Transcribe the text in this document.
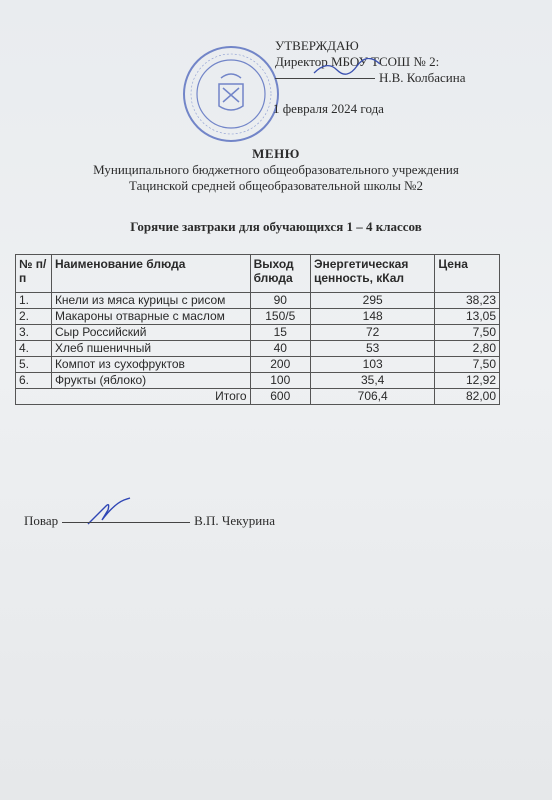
УТВЕРЖДАЮ
Директор МБОУ ТСОШ № 2:
Н.В. Колбасина
1 февраля 2024 года
МЕНЮ
Муниципального бюджетного общеобразовательного учреждения
Тацинской средней общеобразовательной школы №2
Горячие завтраки для обучающихся 1 – 4 классов
№ п/п	Наименование блюда	Выход блюда	Энергетическая ценность, кКал	Цена
1.	Кнели из мяса курицы с рисом	90	295	38,23
2.	Макароны отварные с маслом	150/5	148	13,05
3.	Сыр Российский	15	72	7,50
4.	Хлеб пшеничный	40	53	2,80
5.	Компот из сухофруктов	200	103	7,50
6.	Фрукты (яблоко)	100	35,4	12,92
Итого		600	706,4	82,00
Повар	В.П. Чекурина
